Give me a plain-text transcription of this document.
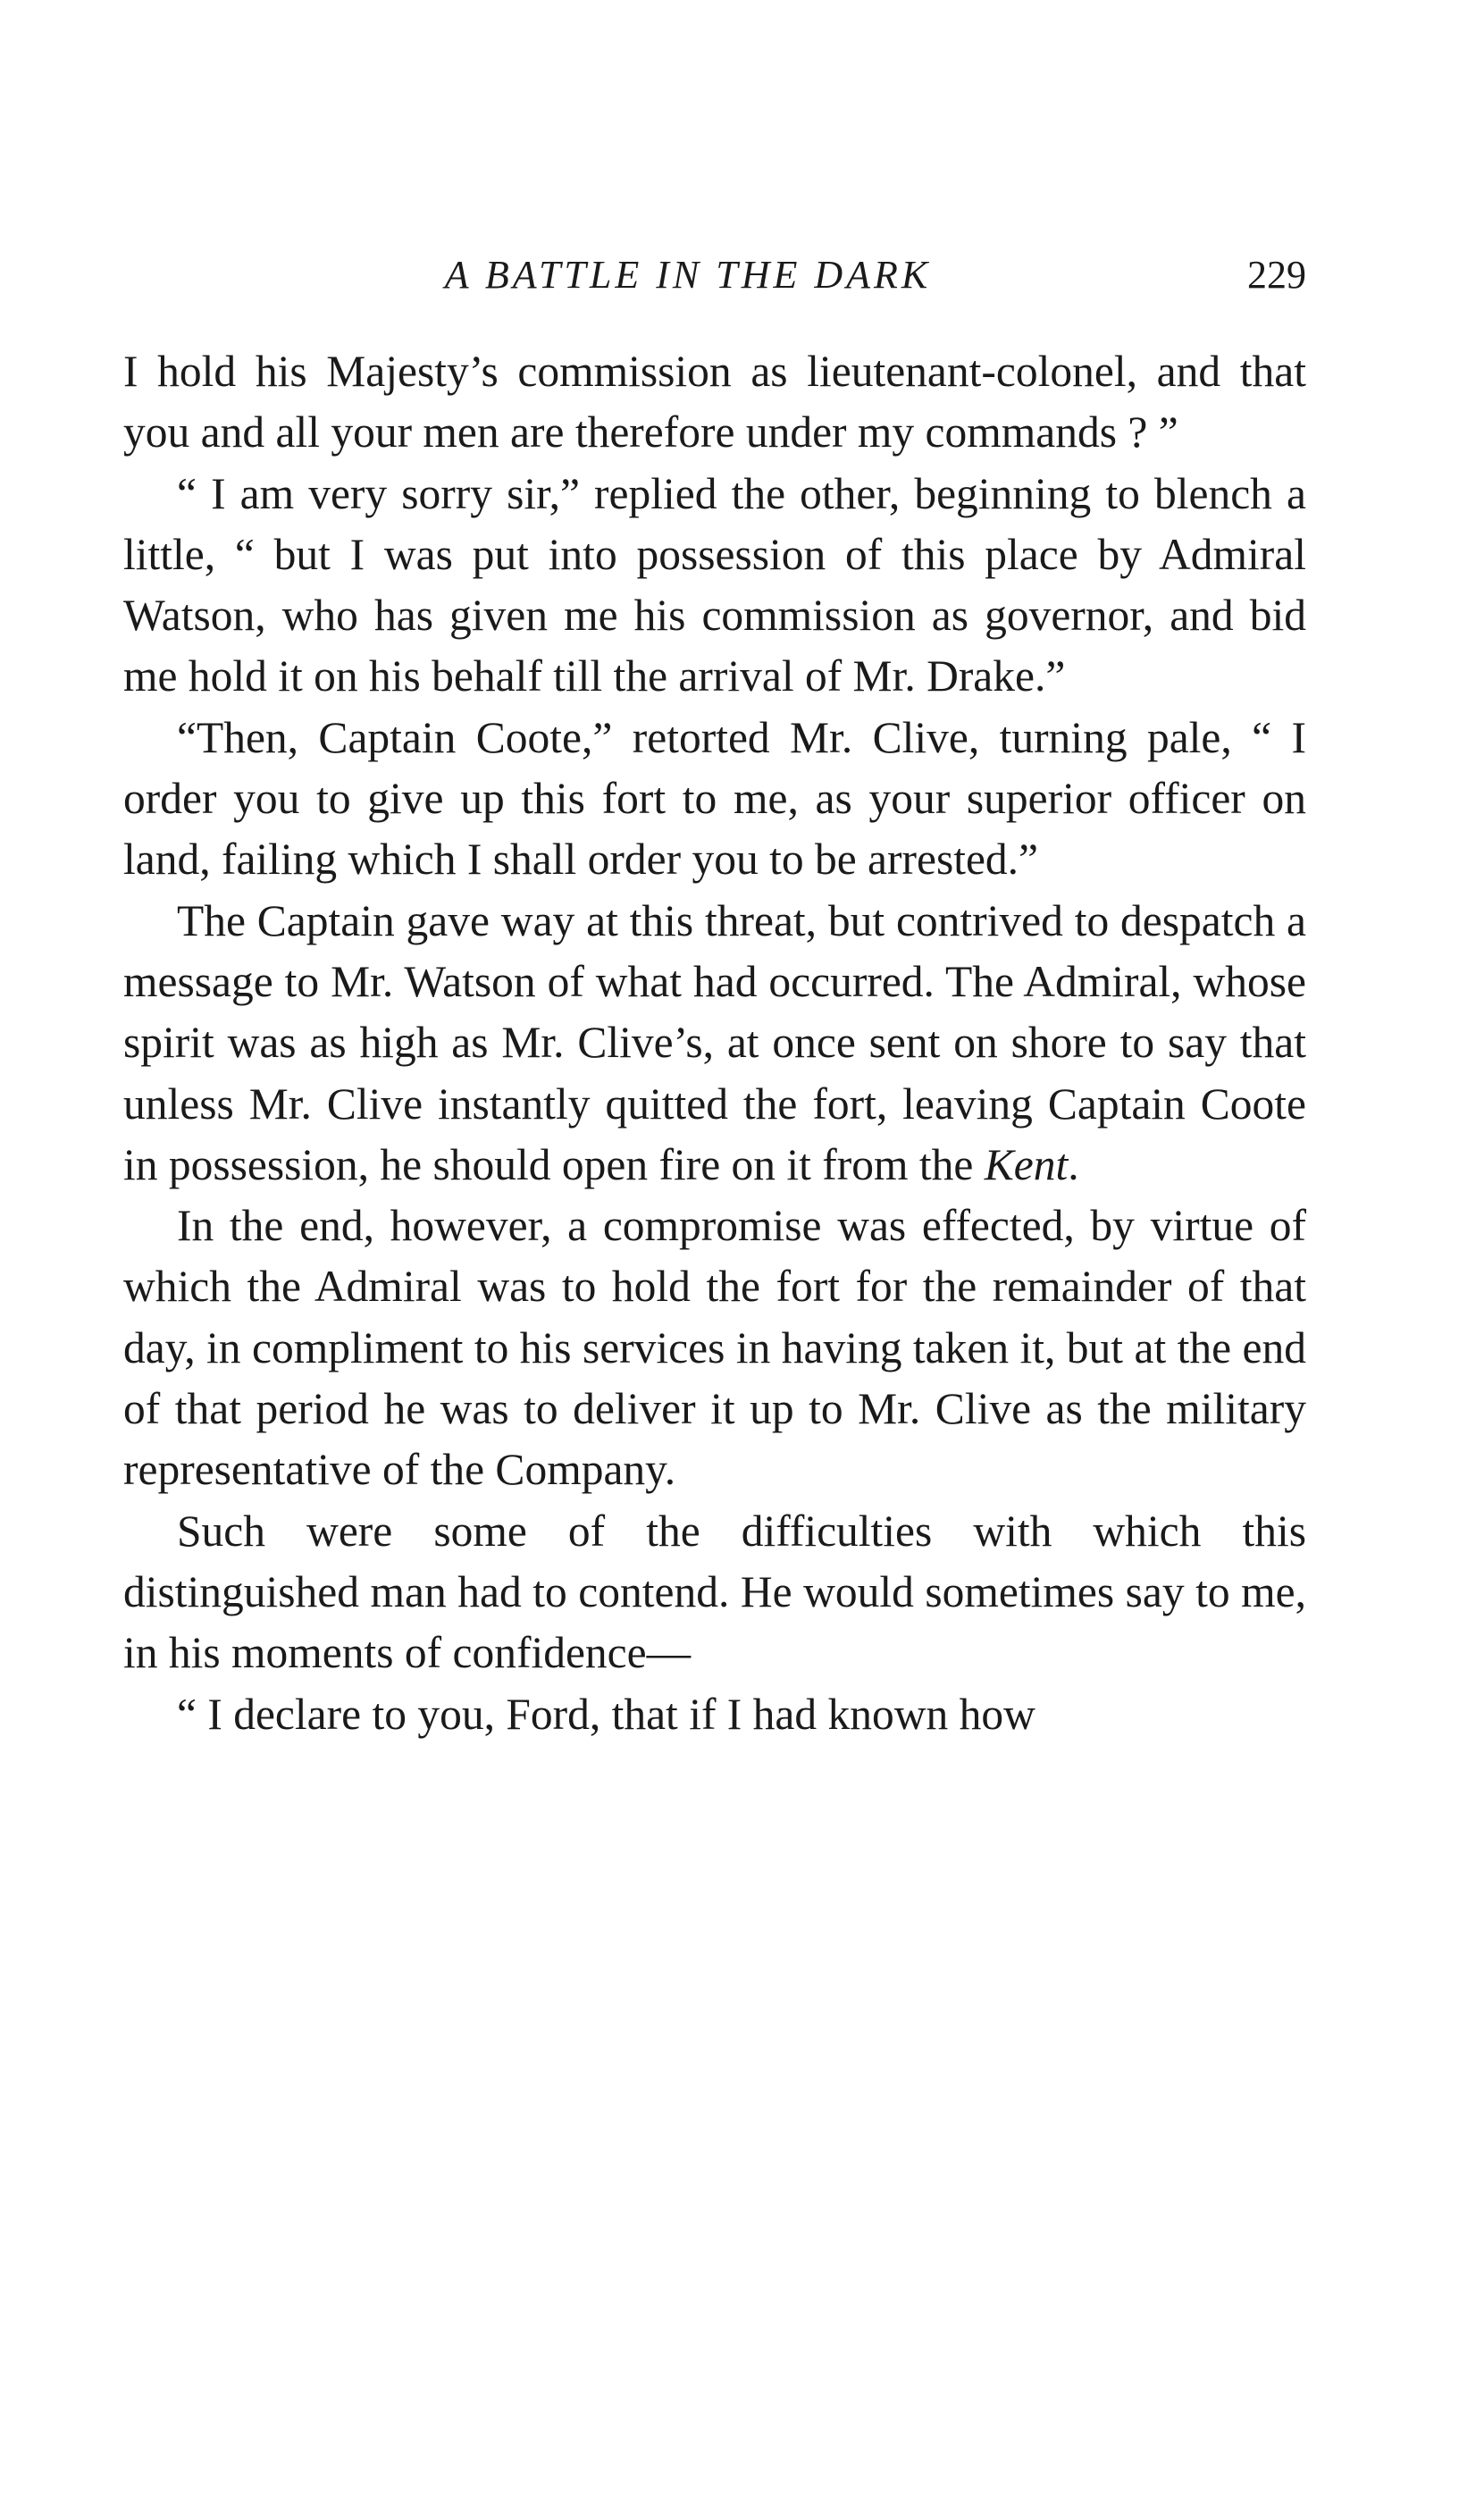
A BATTLE IN THE DARK	229

I hold his Majesty’s commission as lieutenant-colonel, and that you and all your men are therefore under my commands ? ”

“ I am very sorry sir,” replied the other, beginning to blench a little, “ but I was put into possession of this place by Admiral Watson, who has given me his commission as governor, and bid me hold it on his behalf till the arrival of Mr. Drake.”

“Then, Captain Coote,” retorted Mr. Clive, turning pale, “ I order you to give up this fort to me, as your superior officer on land, failing which I shall order you to be arrested.”

The Captain gave way at this threat, but contrived to despatch a message to Mr. Watson of what had occurred. The Admiral, whose spirit was as high as Mr. Clive’s, at once sent on shore to say that unless Mr. Clive instantly quitted the fort, leaving Captain Coote in possession, he should open fire on it from the Kent.

In the end, however, a compromise was effected, by virtue of which the Admiral was to hold the fort for the remainder of that day, in compliment to his services in having taken it, but at the end of that period he was to deliver it up to Mr. Clive as the military representative of the Company.

Such were some of the difficulties with which this distinguished man had to contend. He would sometimes say to me, in his moments of confidence—

“ I declare to you, Ford, that if I had known how
